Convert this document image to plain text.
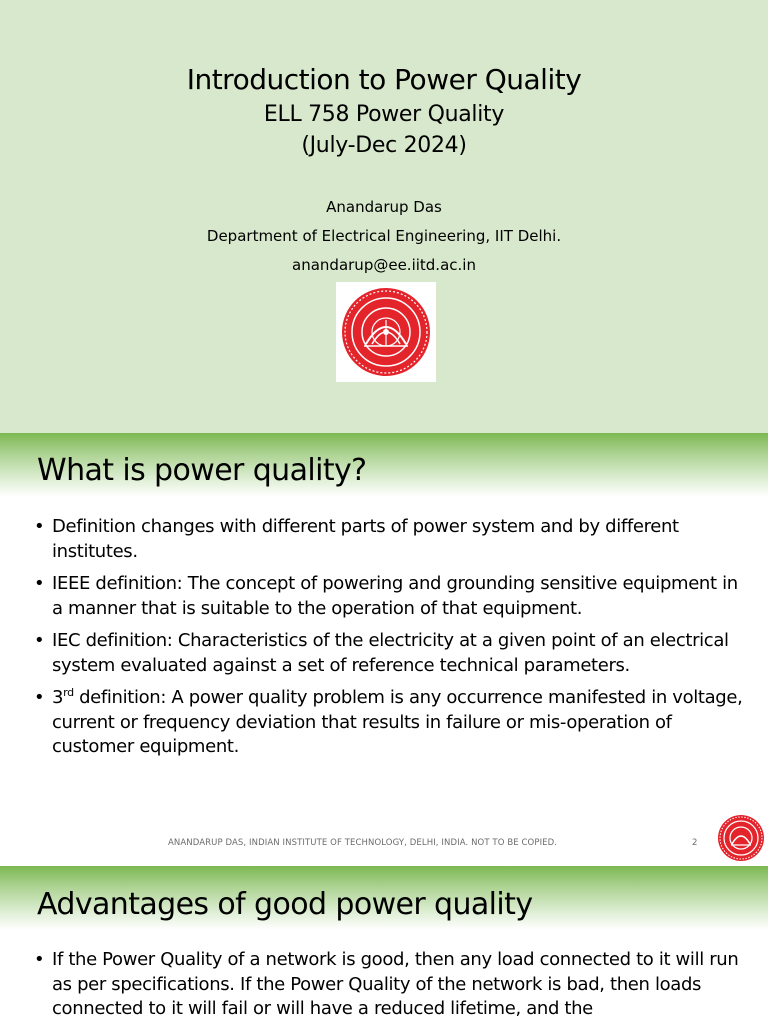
Introduction to Power Quality
ELL 758 Power Quality
(July-Dec 2024)
Anandarup Das
Department of Electrical Engineering, IIT Delhi.
anandarup@ee.iitd.ac.in
What is power quality?
• Definition changes with different parts of power system and by different institutes.
• IEEE definition: The concept of powering and grounding sensitive equipment in a manner that is suitable to the operation of that equipment.
• IEC definition: Characteristics of the electricity at a given point of an electrical system evaluated against a set of reference technical parameters.
• 3rd definition: A power quality problem is any occurrence manifested in voltage, current or frequency deviation that results in failure or mis-operation of customer equipment.
ANANDARUP DAS, INDIAN INSTITUTE OF TECHNOLOGY, DELHI, INDIA. NOT TO BE COPIED.	2
Advantages of good power quality
• If the Power Quality of a network is good, then any load connected to it will run as per specifications. If the Power Quality of the network is bad, then loads connected to it will fail or will have a reduced lifetime, and the
